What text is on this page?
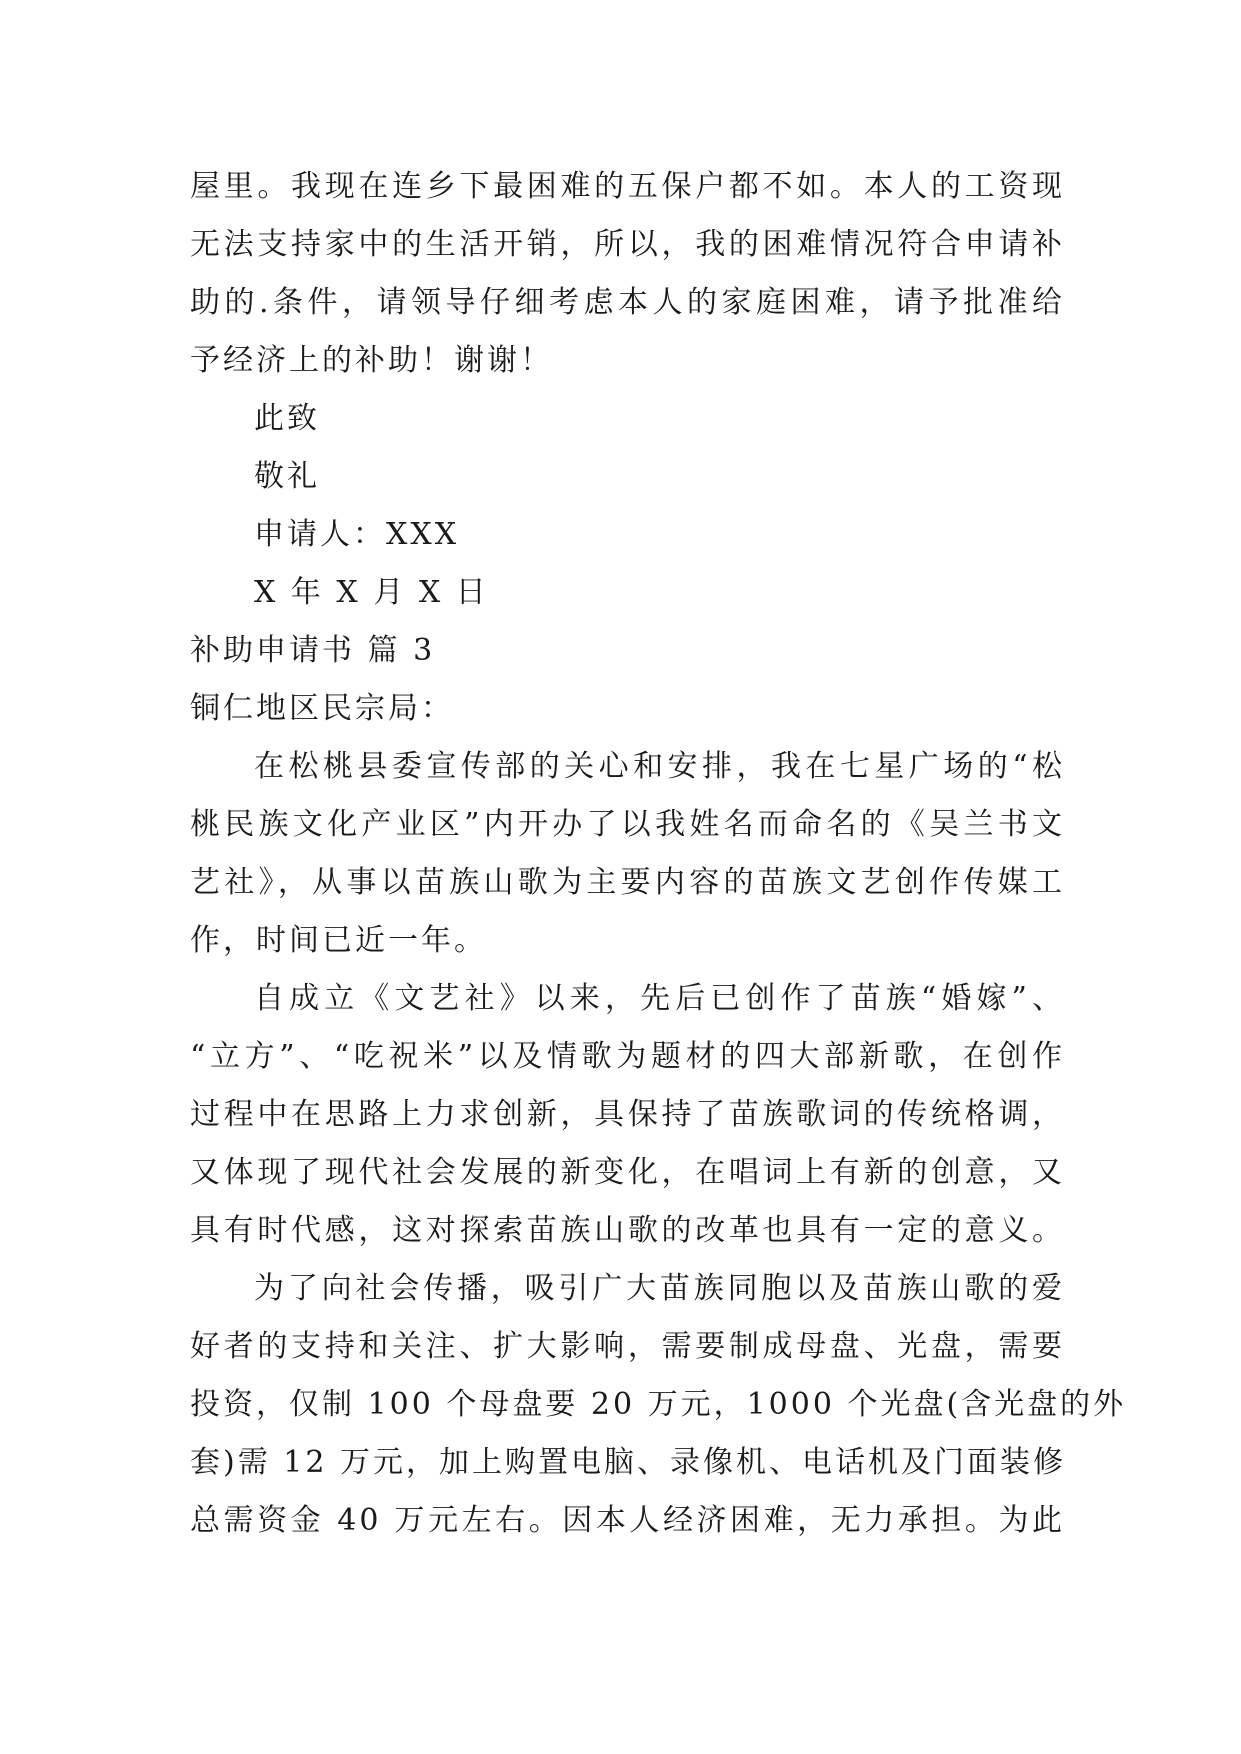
屋里。我现在连乡下最困难的五保户都不如。本人的工资现
无法支持家中的生活开销，所以，我的困难情况符合申请补
助的.条件，请领导仔细考虑本人的家庭困难，请予批准给
予经济上的补助！谢谢！
此致
敬礼
申请人：XXX
X 年 X 月 X 日
补助申请书 篇 3
铜仁地区民宗局：
在松桃县委宣传部的关心和安排，我在七星广场的“松
桃民族文化产业区”内开办了以我姓名而命名的《吴兰书文
艺社》，从事以苗族山歌为主要内容的苗族文艺创作传媒工
作，时间已近一年。
自成立《文艺社》以来，先后已创作了苗族“婚嫁”、
“立方”、“吃祝米”以及情歌为题材的四大部新歌，在创作
过程中在思路上力求创新，具保持了苗族歌词的传统格调，
又体现了现代社会发展的新变化，在唱词上有新的创意，又
具有时代感，这对探索苗族山歌的改革也具有一定的意义。
为了向社会传播，吸引广大苗族同胞以及苗族山歌的爱
好者的支持和关注、扩大影响，需要制成母盘、光盘，需要
投资，仅制 100 个母盘要 20 万元，1000 个光盘(含光盘的外
套)需 12 万元，加上购置电脑、录像机、电话机及门面装修
总需资金 40 万元左右。因本人经济困难，无力承担。为此
